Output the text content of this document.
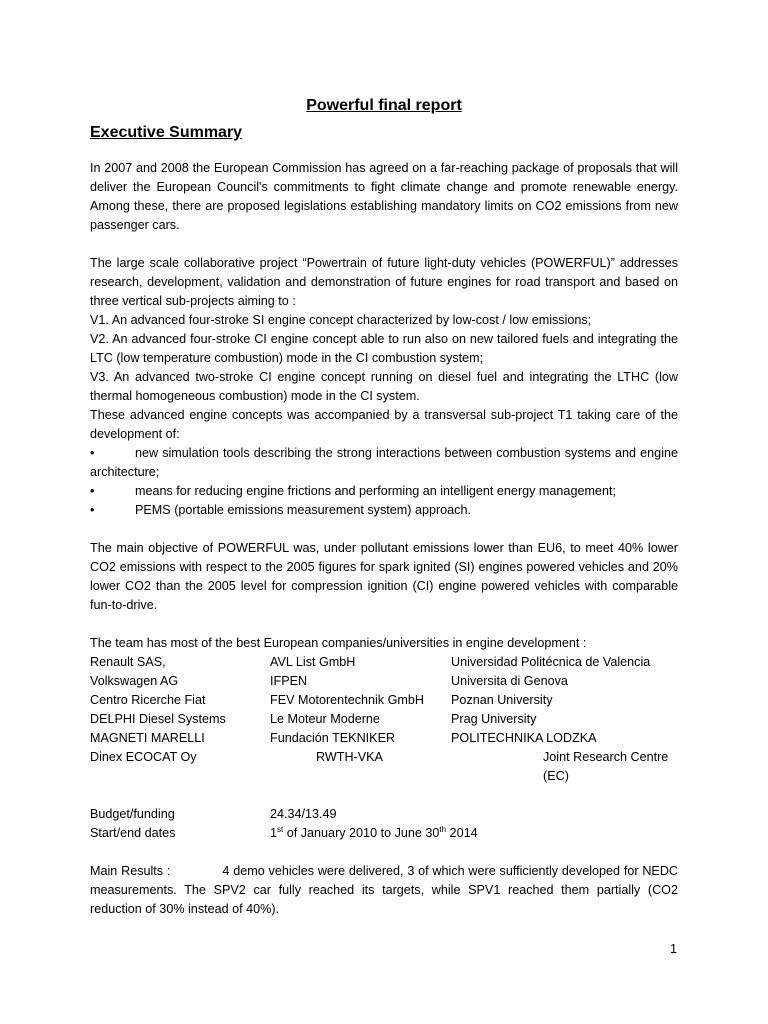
Powerful final report
Executive Summary

In 2007 and 2008 the European Commission has agreed on a far-reaching package of proposals that will deliver the European Council's commitments to fight climate change and promote renewable energy. Among these, there are proposed legislations establishing mandatory limits on CO2 emissions from new passenger cars.

The large scale collaborative project “Powertrain of future light-duty vehicles (POWERFUL)” addresses research, development, validation and demonstration of future engines for road transport and based on three vertical sub-projects aiming to :

V1. An advanced four-stroke SI engine concept characterized by low-cost / low emissions;

V2. An advanced four-stroke CI engine concept able to run also on new tailored fuels and integrating the LTC (low temperature combustion) mode in the CI combustion system;

V3. An advanced two-stroke CI engine concept running on diesel fuel and integrating the LTHC (low thermal homogeneous combustion) mode in the CI system.

These advanced engine concepts was accompanied by a transversal sub-project T1 taking care of the development of:

•	new simulation tools describing the strong interactions between combustion systems and engine architecture;
•	means for reducing engine frictions and performing an intelligent energy management;
•	PEMS (portable emissions measurement system) approach.

The main objective of POWERFUL was, under pollutant emissions lower than EU6, to meet 40% lower CO2 emissions with respect to the 2005 figures for spark ignited (SI) engines powered vehicles and 20% lower CO2 than the 2005 level for compression ignition (CI) engine powered vehicles with comparable fun-to-drive.

The team has most of the best European companies/universities in engine development :

Renault SAS,	AVL List GmbH	Universidad Politécnica de Valencia
Volkswagen AG	IFPEN	Universita di Genova
Centro Ricerche Fiat	FEV Motorentechnik GmbH	Poznan University
DELPHI Diesel Systems	Le Moteur Moderne	Prag University
MAGNETI MARELLI	Fundación TEKNIKER	POLITECHNIKA LODZKA
Dinex ECOCAT Oy	RWTH-VKA	Joint Research Centre (EC)
Budget/funding	24.34/13.49
Start/end dates	1st of January 2010 to June 30th 2014

Main Results :	4 demo vehicles were delivered, 3 of which were sufficiently developed for NEDC measurements. The SPV2 car fully reached its targets, while SPV1 reached them partially (CO2 reduction of 30% instead of 40%).

1
